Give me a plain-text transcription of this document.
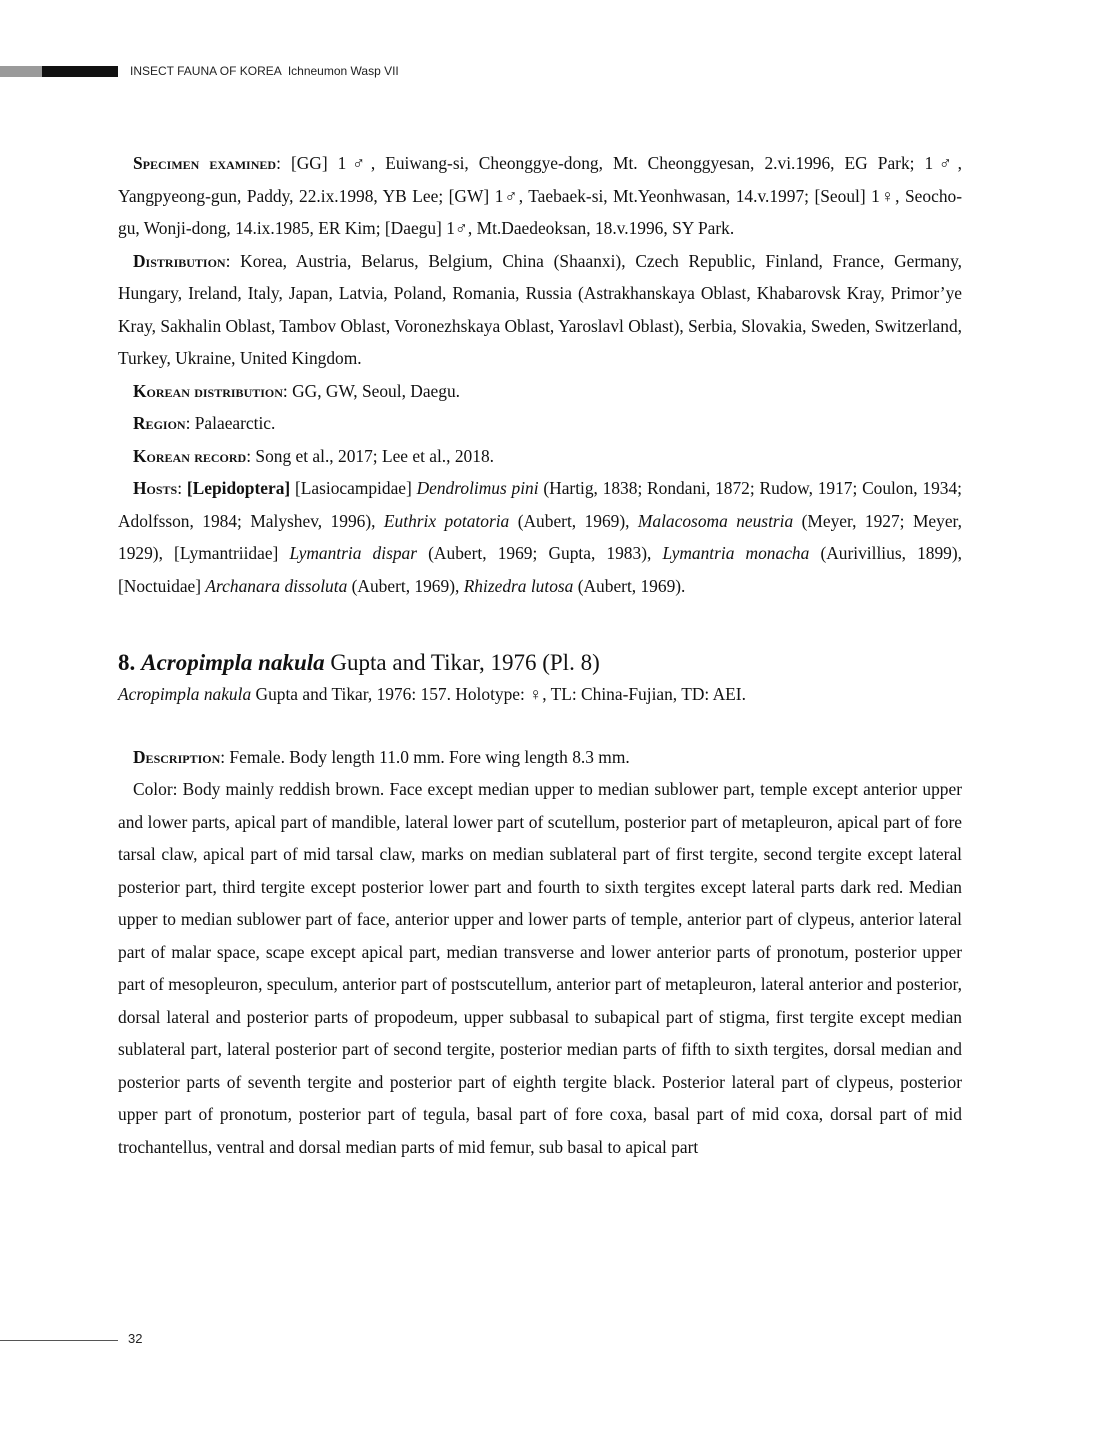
INSECT FAUNA OF KOREA Ichneumon Wasp VII

Specimen examined: [GG] 1♂, Euiwang-si, Cheonggye-dong, Mt. Cheonggyesan, 2.vi.1996, EG Park; 1♂, Yangpyeong-gun, Paddy, 22.ix.1998, YB Lee; [GW] 1♂, Taebaek-si, Mt.Yeonhwasan, 14.v.1997; [Seoul] 1♀, Seocho-gu, Wonji-dong, 14.ix.1985, ER Kim; [Daegu] 1♂, Mt.Daedeoksan, 18.v.1996, SY Park.

Distribution: Korea, Austria, Belarus, Belgium, China (Shaanxi), Czech Republic, Finland, France, Germany, Hungary, Ireland, Italy, Japan, Latvia, Poland, Romania, Russia (Astrakhanskaya Oblast, Khabarovsk Kray, Primor’ye Kray, Sakhalin Oblast, Tambov Oblast, Voronezhskaya Oblast, Yaroslavl Oblast), Serbia, Slovakia, Sweden, Switzerland, Turkey, Ukraine, United Kingdom.

Korean distribution: GG, GW, Seoul, Daegu.

Region: Palaearctic.

Korean record: Song et al., 2017; Lee et al., 2018.

Hosts: [Lepidoptera] [Lasiocampidae] Dendrolimus pini (Hartig, 1838; Rondani, 1872; Rudow, 1917; Coulon, 1934; Adolfsson, 1984; Malyshev, 1996), Euthrix potatoria (Aubert, 1969), Malacosoma neustria (Meyer, 1927; Meyer, 1929), [Lymantriidae] Lymantria dispar (Aubert, 1969; Gupta, 1983), Lymantria monacha (Aurivillius, 1899), [Noctuidae] Archanara dissoluta (Aubert, 1969), Rhizedra lutosa (Aubert, 1969).

8. Acropimpla nakula Gupta and Tikar, 1976 (Pl. 8)

Acropimpla nakula Gupta and Tikar, 1976: 157. Holotype: ♀, TL: China-Fujian, TD: AEI.

Description: Female. Body length 11.0 mm. Fore wing length 8.3 mm.

Color: Body mainly reddish brown. Face except median upper to median sublower part, temple except anterior upper and lower parts, apical part of mandible, lateral lower part of scutellum, posterior part of metapleuron, apical part of fore tarsal claw, apical part of mid tarsal claw, marks on median sublateral part of first tergite, second tergite except lateral posterior part, third tergite except posterior lower part and fourth to sixth tergites except lateral parts dark red. Median upper to median sublower part of face, anterior upper and lower parts of temple, anterior part of clypeus, anterior lateral part of malar space, scape except apical part, median transverse and lower anterior parts of pronotum, posterior upper part of mesopleuron, speculum, anterior part of postscutellum, anterior part of metapleuron, lateral anterior and posterior, dorsal lateral and posterior parts of propodeum, upper subbasal to subapical part of stigma, first tergite except median sublateral part, lateral posterior part of second tergite, posterior median parts of fifth to sixth tergites, dorsal median and posterior parts of seventh tergite and posterior part of eighth tergite black. Posterior lateral part of clypeus, posterior upper part of pronotum, posterior part of tegula, basal part of fore coxa, basal part of mid coxa, dorsal part of mid trochantellus, ventral and dorsal median parts of mid femur, sub basal to apical part

32
